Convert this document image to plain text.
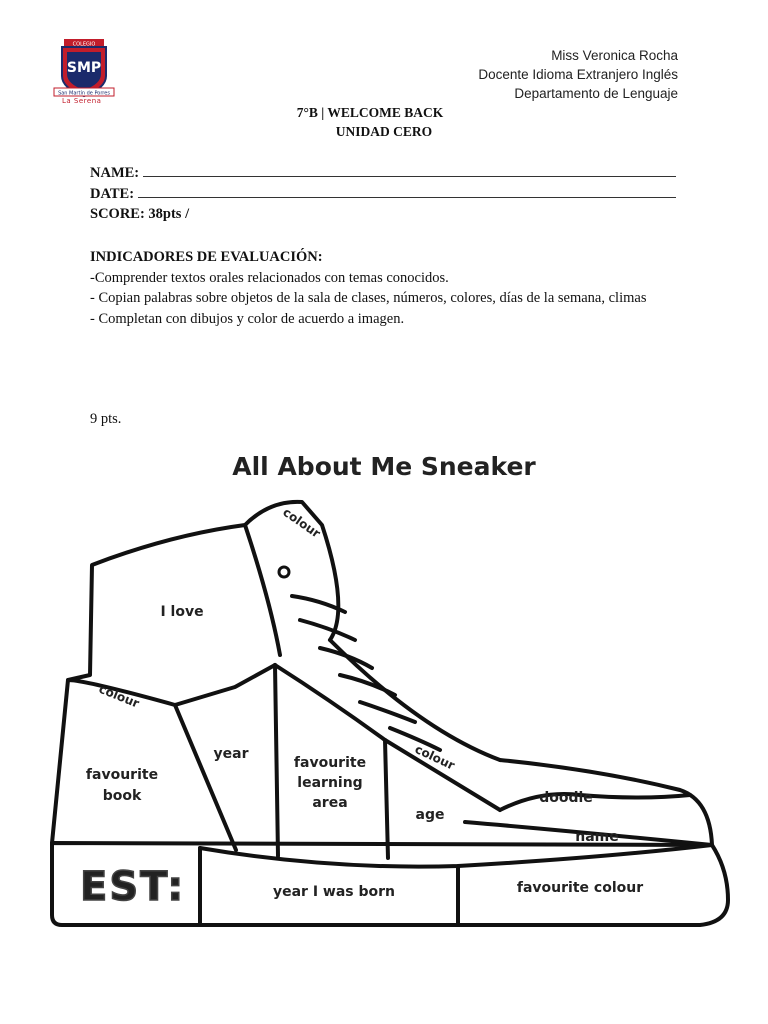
COLEGIO
SMP
San Martín de Porres
La Serena
Miss Veronica Rocha
Docente Idioma Extranjero Inglés
Departamento de Lenguaje
7°B | WELCOME BACK
UNIDAD CERO
NAME:
DATE:
SCORE: 38pts /
INDICADORES DE EVALUACIÓN:
-Comprender textos orales relacionados con temas conocidos.
- Copian palabras sobre objetos de la sala de clases, números, colores, días de la semana, climas
- Completan con dibujos y color de acuerdo a imagen.
9 pts.
All About Me Sneaker
EST:
colour
I love
colour
favourite
book
year
favourite
learning
area
colour
age
doodle
name
year I was born	favourite colour
